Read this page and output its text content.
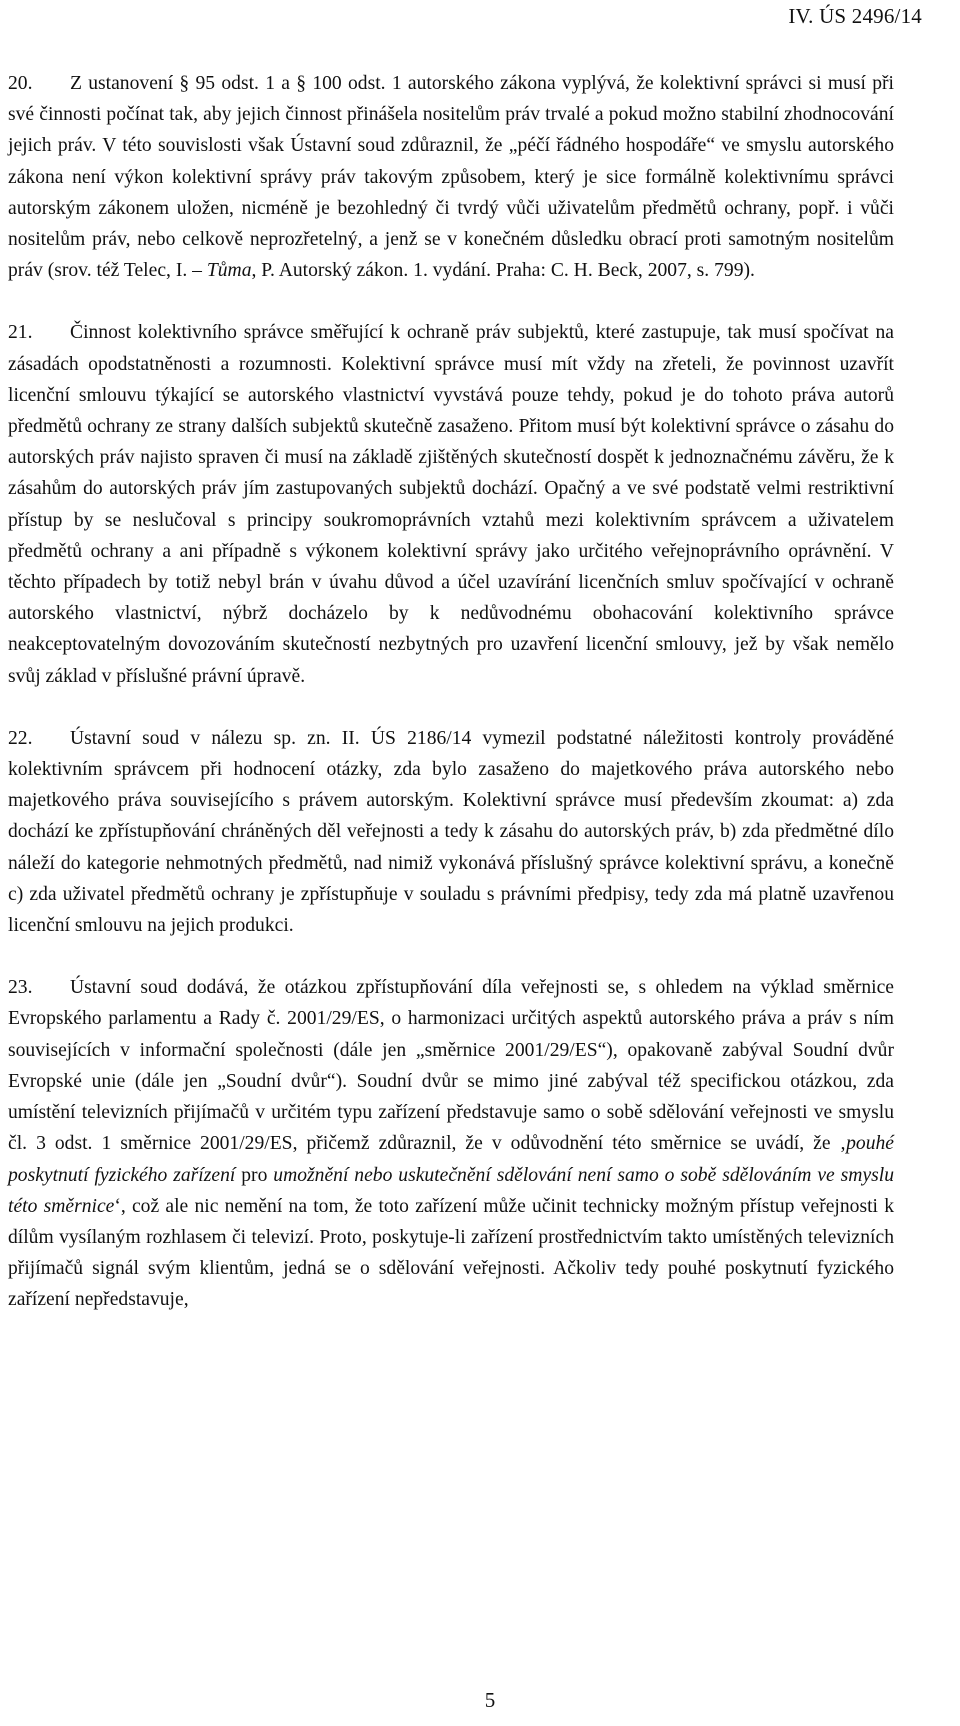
IV. ÚS 2496/14

20. Z ustanovení § 95 odst. 1 a § 100 odst. 1 autorského zákona vyplývá, že kolektivní správci si musí při své činnosti počínat tak, aby jejich činnost přinášela nositelům práv trvalé a pokud možno stabilní zhodnocování jejich práv. V této souvislosti však Ústavní soud zdůraznil, že „péčí řádného hospodáře“ ve smyslu autorského zákona není výkon kolektivní správy práv takovým způsobem, který je sice formálně kolektivnímu správci autorským zákonem uložen, nicméně je bezohledný či tvrdý vůči uživatelům předmětů ochrany, popř. i vůči nositelům práv, nebo celkově neprozřetelný, a jenž se v konečném důsledku obrací proti samotným nositelům práv (srov. též Telec, I. – Tůma, P. Autorský zákon. 1. vydání. Praha: C. H. Beck, 2007, s. 799).

21. Činnost kolektivního správce směřující k ochraně práv subjektů, které zastupuje, tak musí spočívat na zásadách opodstatněnosti a rozumnosti. Kolektivní správce musí mít vždy na zřeteli, že povinnost uzavřít licenční smlouvu týkající se autorského vlastnictví vyvstává pouze tehdy, pokud je do tohoto práva autorů předmětů ochrany ze strany dalších subjektů skutečně zasaženo. Přitom musí být kolektivní správce o zásahu do autorských práv najisto spraven či musí na základě zjištěných skutečností dospět k jednoznačnému závěru, že k zásahům do autorských práv jím zastupovaných subjektů dochází. Opačný a ve své podstatě velmi restriktivní přístup by se neslučoval s principy soukromoprávních vztahů mezi kolektivním správcem a uživatelem předmětů ochrany a ani případně s výkonem kolektivní správy jako určitého veřejnoprávního oprávnění. V těchto případech by totiž nebyl brán v úvahu důvod a účel uzavírání licenčních smluv spočívající v ochraně autorského vlastnictví, nýbrž docházelo by k nedůvodnému obohacování kolektivního správce neakceptovatelným dovozováním skutečností nezbytných pro uzavření licenční smlouvy, jež by však nemělo svůj základ v příslušné právní úpravě.

22. Ústavní soud v nálezu sp. zn. II. ÚS 2186/14 vymezil podstatné náležitosti kontroly prováděné kolektivním správcem při hodnocení otázky, zda bylo zasaženo do majetkového práva autorského nebo majetkového práva souvisejícího s právem autorským. Kolektivní správce musí především zkoumat: a) zda dochází ke zpřístupňování chráněných děl veřejnosti a tedy k zásahu do autorských práv, b) zda předmětné dílo náleží do kategorie nehmotných předmětů, nad nimiž vykonává příslušný správce kolektivní správu, a konečně c) zda uživatel předmětů ochrany je zpřístupňuje v souladu s právními předpisy, tedy zda má platně uzavřenou licenční smlouvu na jejich produkci.

23. Ústavní soud dodává, že otázkou zpřístupňování díla veřejnosti se, s ohledem na výklad směrnice Evropského parlamentu a Rady č. 2001/29/ES, o harmonizaci určitých aspektů autorského práva a práv s ním souvisejících v informační společnosti (dále jen „směrnice 2001/29/ES“), opakovaně zabýval Soudní dvůr Evropské unie (dále jen „Soudní dvůr“). Soudní dvůr se mimo jiné zabýval též specifickou otázkou, zda umístění televizních přijímačů v určitém typu zařízení představuje samo o sobě sdělování veřejnosti ve smyslu čl. 3 odst. 1 směrnice 2001/29/ES, přičemž zdůraznil, že v odůvodnění této směrnice se uvádí, že ‚pouhé poskytnutí fyzického zařízení pro umožnění nebo uskutečnění sdělování není samo o sobě sdělováním ve smyslu této směrnice‘, což ale nic nemění na tom, že toto zařízení může učinit technicky možným přístup veřejnosti k dílům vysílaným rozhlasem či televizí. Proto, poskytuje-li zařízení prostřednictvím takto umístěných televizních přijímačů signál svým klientům, jedná se o sdělování veřejnosti. Ačkoliv tedy pouhé poskytnutí fyzického zařízení nepředstavuje,

5
